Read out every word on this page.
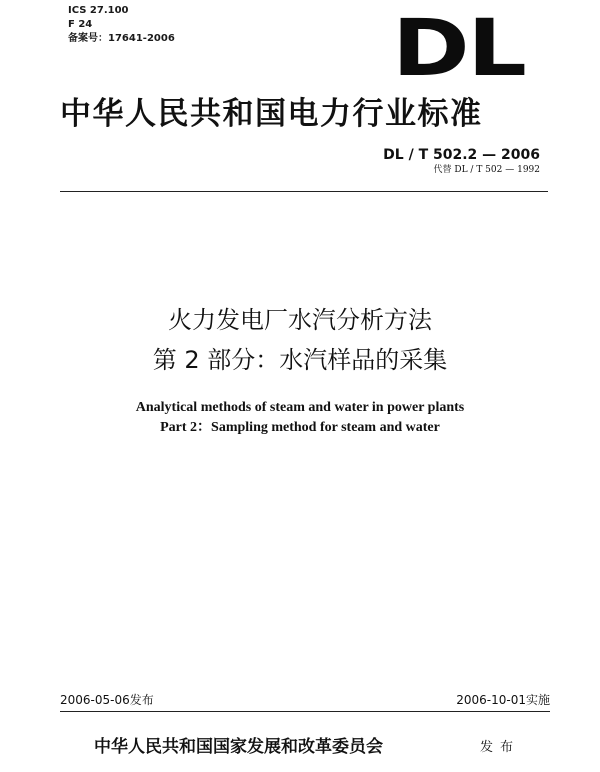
ICS 27.100
F 24
备案号：17641-2006	DL
中华人民共和国电力行业标准
DL / T 502.2 — 2006
代替 DL / T 502 — 1992
火力发电厂水汽分析方法
第 2 部分：水汽样品的采集
Analytical methods of steam and water in power plants
Part 2：Sampling method for steam and water
2006-05-06发布	2006-10-01实施
中华人民共和国国家发展和改革委员会	发布
